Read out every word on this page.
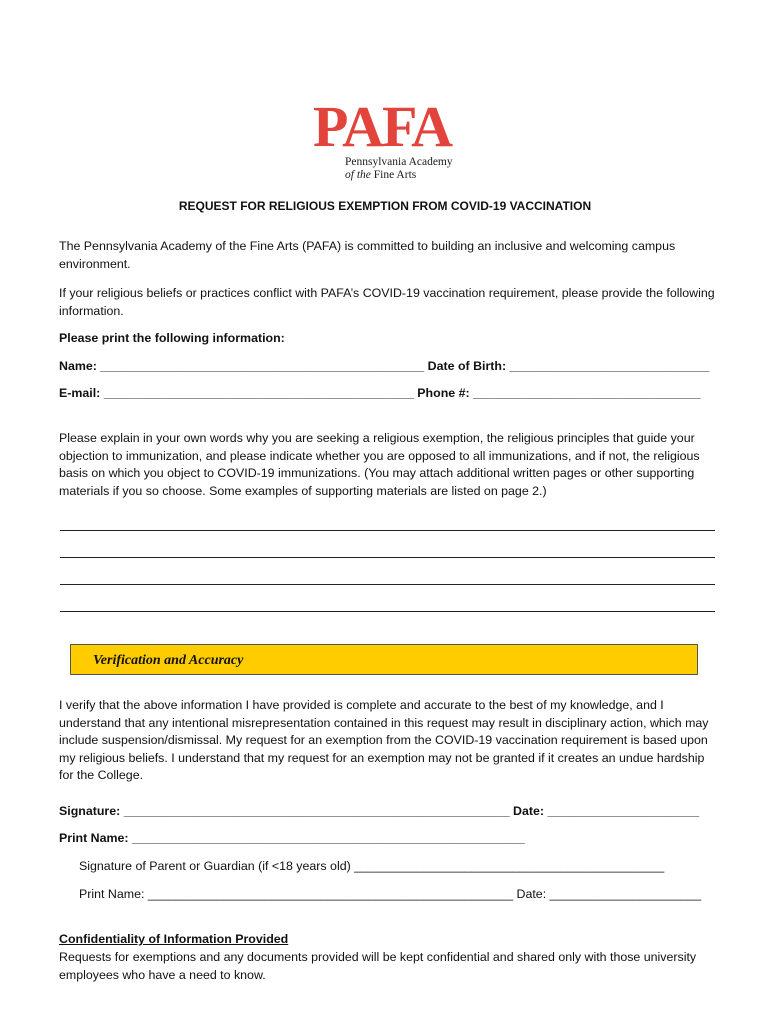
PAFA
Pennsylvania Academy
of the Fine Arts
REQUEST FOR RELIGIOUS EXEMPTION FROM COVID-19 VACCINATION
The Pennsylvania Academy of the Fine Arts (PAFA) is committed to building an inclusive and welcoming campus environment.
If your religious beliefs or practices conflict with PAFA’s COVID-19 vaccination requirement, please provide the following information.
Please print the following information:
Name: _______________________________________________ Date of Birth: _____________________________
E-mail: _____________________________________________ Phone #: _________________________________
Please explain in your own words why you are seeking a religious exemption, the religious principles that guide your objection to immunization, and please indicate whether you are opposed to all immunizations, and if not, the religious basis on which you object to COVID-19 immunizations. (You may attach additional written pages or other supporting materials if you so choose. Some examples of supporting materials are listed on page 2.)
Verification and Accuracy
I verify that the above information I have provided is complete and accurate to the best of my knowledge, and I understand that any intentional misrepresentation contained in this request may result in disciplinary action, which may include suspension/dismissal. My request for an exemption from the COVID-19 vaccination requirement is based upon my religious beliefs. I understand that my request for an exemption may not be granted if it creates an undue hardship for the College.
Signature: ________________________________________________________ Date: ______________________
Print Name: _________________________________________________________
Signature of Parent or Guardian (if <18 years old) _____________________________________________
Print Name: _____________________________________________________ Date: ______________________
Confidentiality of Information Provided
Requests for exemptions and any documents provided will be kept confidential and shared only with those university employees who have a need to know.
